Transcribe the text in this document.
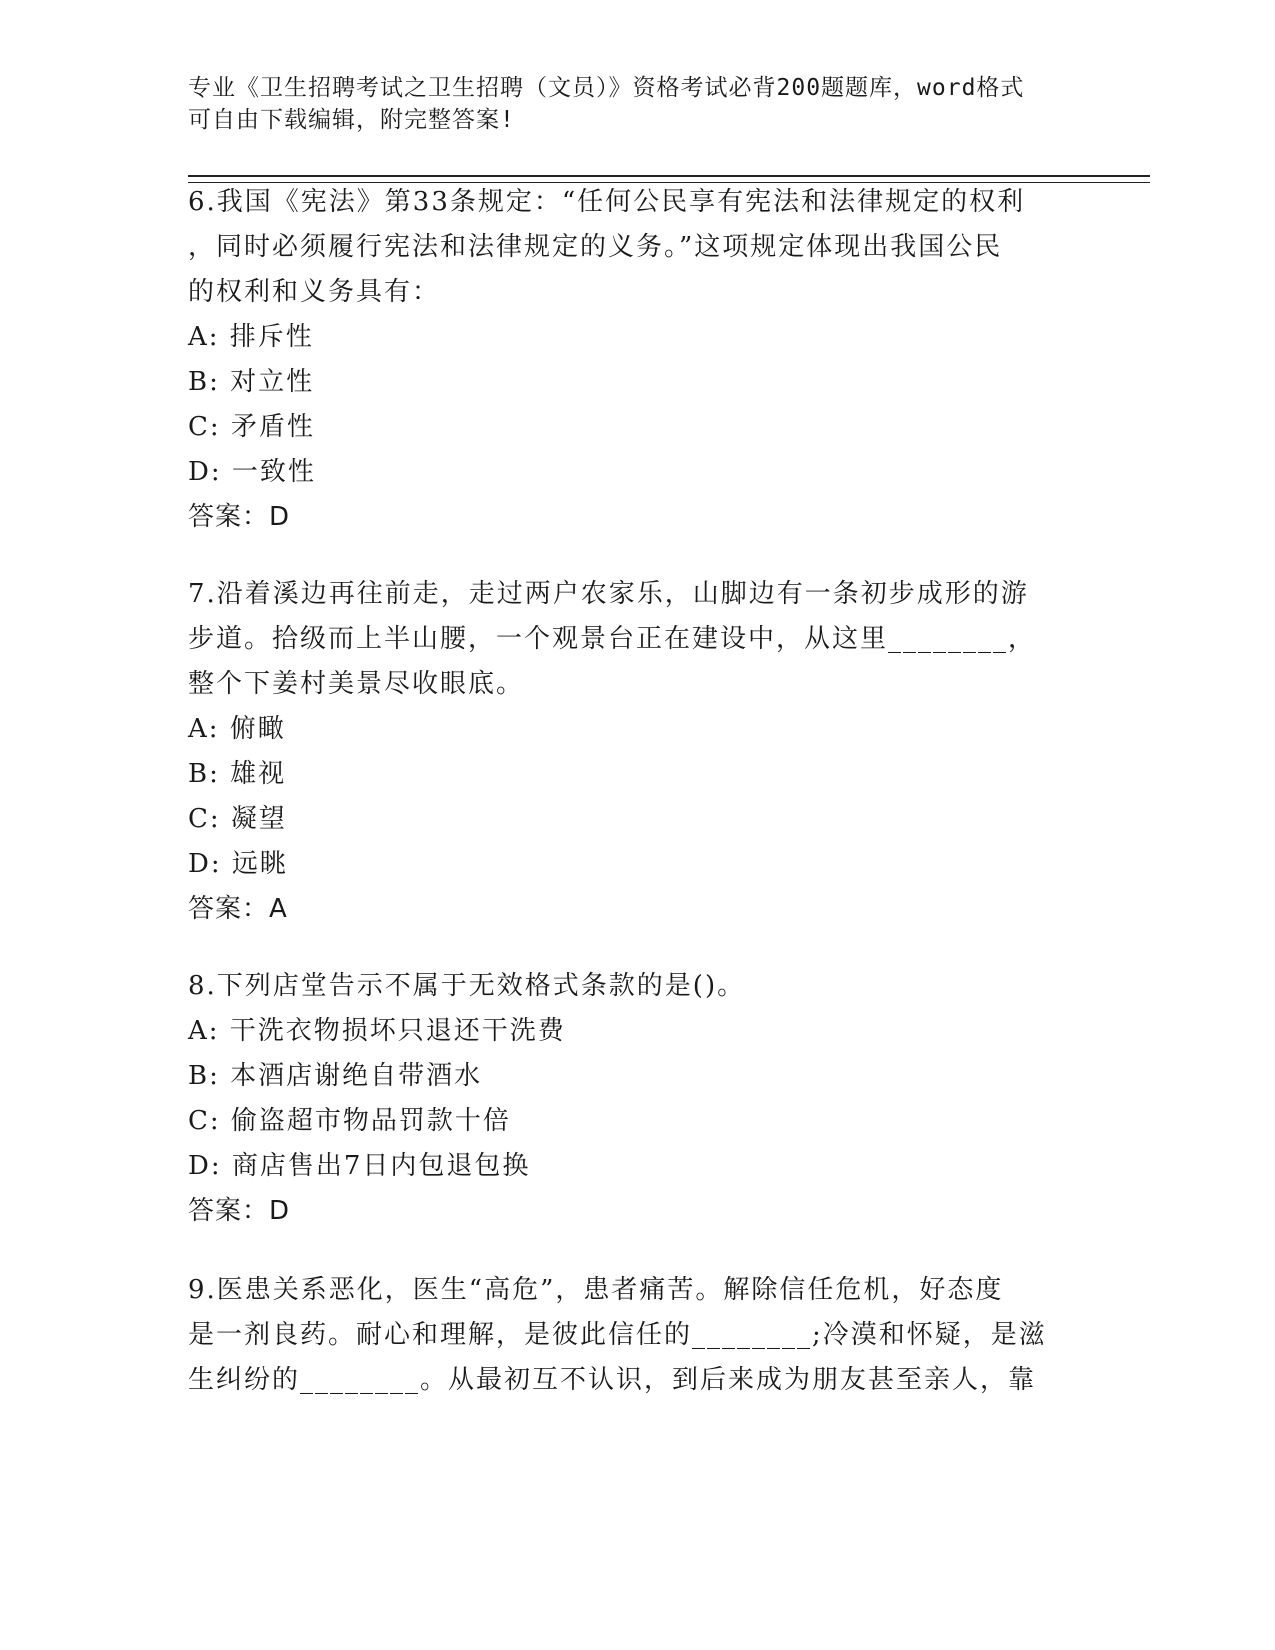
专业《卫生招聘考试之卫生招聘（文员）》资格考试必背200题题库，word格式
可自由下载编辑，附完整答案!
6.我国《宪法》第33条规定：“任何公民享有宪法和法律规定的权利
，同时必须履行宪法和法律规定的义务。”这项规定体现出我国公民
的权利和义务具有：
A: 排斥性
B: 对立性
C: 矛盾性
D: 一致性
答案：D
7.沿着溪边再往前走，走过两户农家乐，山脚边有一条初步成形的游
步道。拾级而上半山腰，一个观景台正在建设中，从这里________，
整个下姜村美景尽收眼底。
A: 俯瞰
B: 雄视
C: 凝望
D: 远眺
答案：A
8.下列店堂告示不属于无效格式条款的是()。
A: 干洗衣物损坏只退还干洗费
B: 本酒店谢绝自带酒水
C: 偷盗超市物品罚款十倍
D: 商店售出7日内包退包换
答案：D
9.医患关系恶化，医生“高危”，患者痛苦。解除信任危机，好态度
是一剂良药。耐心和理解，是彼此信任的________;冷漠和怀疑，是滋
生纠纷的________。从最初互不认识，到后来成为朋友甚至亲人，靠
